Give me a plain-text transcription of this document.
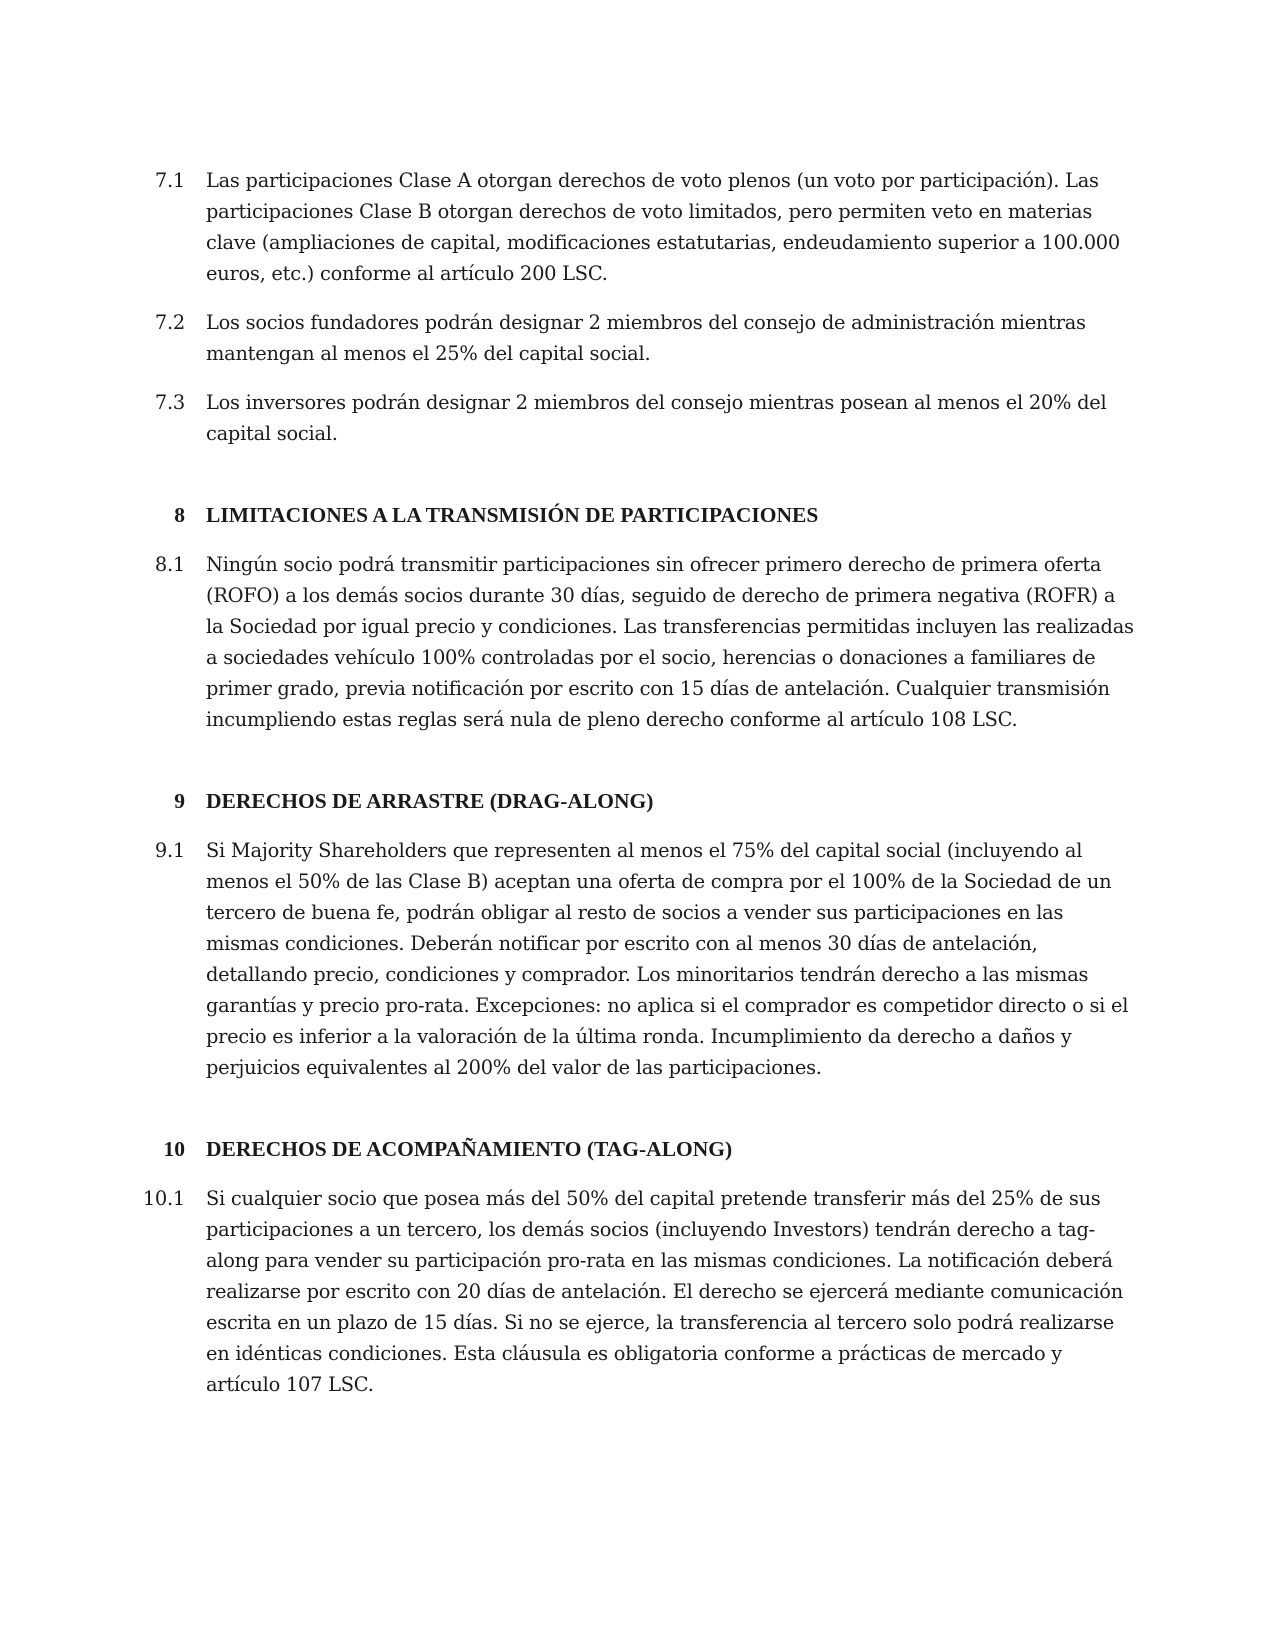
7.1 Las participaciones Clase A otorgan derechos de voto plenos (un voto por participación). Las participaciones Clase B otorgan derechos de voto limitados, pero permiten veto en materias clave (ampliaciones de capital, modificaciones estatutarias, endeudamiento superior a 100.000 euros, etc.) conforme al artículo 200 LSC.
7.2 Los socios fundadores podrán designar 2 miembros del consejo de administración mientras mantengan al menos el 25% del capital social.
7.3 Los inversores podrán designar 2 miembros del consejo mientras posean al menos el 20% del capital social.
8 LIMITACIONES A LA TRANSMISIÓN DE PARTICIPACIONES
8.1 Ningún socio podrá transmitir participaciones sin ofrecer primero derecho de primera oferta (ROFO) a los demás socios durante 30 días, seguido de derecho de primera negativa (ROFR) a la Sociedad por igual precio y condiciones. Las transferencias permitidas incluyen las realizadas a sociedades vehículo 100% controladas por el socio, herencias o donaciones a familiares de primer grado, previa notificación por escrito con 15 días de antelación. Cualquier transmisión incumpliendo estas reglas será nula de pleno derecho conforme al artículo 108 LSC.
9 DERECHOS DE ARRASTRE (DRAG-ALONG)
9.1 Si Majority Shareholders que representen al menos el 75% del capital social (incluyendo al menos el 50% de las Clase B) aceptan una oferta de compra por el 100% de la Sociedad de un tercero de buena fe, podrán obligar al resto de socios a vender sus participaciones en las mismas condiciones. Deberán notificar por escrito con al menos 30 días de antelación, detallando precio, condiciones y comprador. Los minoritarios tendrán derecho a las mismas garantías y precio pro-rata. Excepciones: no aplica si el comprador es competidor directo o si el precio es inferior a la valoración de la última ronda. Incumplimiento da derecho a daños y perjuicios equivalentes al 200% del valor de las participaciones.
10 DERECHOS DE ACOMPAÑAMIENTO (TAG-ALONG)
10.1 Si cualquier socio que posea más del 50% del capital pretende transferir más del 25% de sus participaciones a un tercero, los demás socios (incluyendo Investors) tendrán derecho a tag-along para vender su participación pro-rata en las mismas condiciones. La notificación deberá realizarse por escrito con 20 días de antelación. El derecho se ejercerá mediante comunicación escrita en un plazo de 15 días. Si no se ejerce, la transferencia al tercero solo podrá realizarse en idénticas condiciones. Esta cláusula es obligatoria conforme a prácticas de mercado y artículo 107 LSC.
